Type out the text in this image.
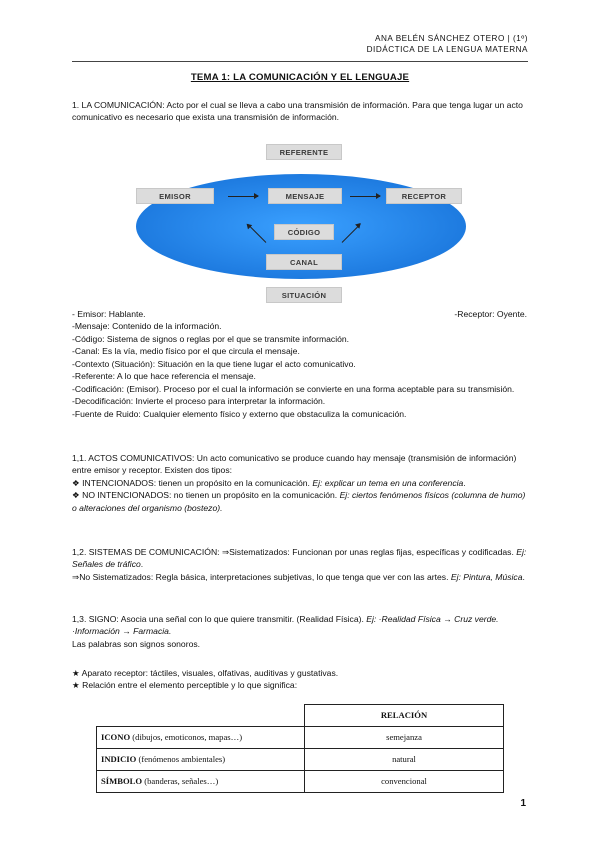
ANA BELÉN SÁNCHEZ OTERO | (1º)
DIDÁCTICA DE LA LENGUA MATERNA
TEMA 1: LA COMUNICACIÓN Y EL LENGUAJE

1. LA COMUNICACIÓN: Acto por el cual se lleva a cabo una transmisión de información. Para que tenga lugar un acto comunicativo es necesario que exista una transmisión de información.

REFERENTE
EMISOR	MENSAJE	RECEPTOR
CÓDIGO
CANAL
SITUACIÓN

- Emisor: Hablante.	-Receptor: Oyente.

-Mensaje: Contenido de la información.

-Código: Sistema de signos o reglas por el que se transmite información.

-Canal: Es la vía, medio físico por el que circula el mensaje.

-Contexto (Situación): Situación en la que tiene lugar el acto comunicativo.

-Referente: A lo que hace referencia el mensaje.

-Codificación: (Emisor). Proceso por el cual la información se convierte en una forma aceptable para su transmisión.

-Decodificación: Invierte el proceso para interpretar la información.

-Fuente de Ruido: Cualquier elemento físico y externo que obstaculiza la comunicación.

1,1. ACTOS COMUNICATIVOS: Un acto comunicativo se produce cuando hay mensaje (transmisión de información) entre emisor y receptor. Existen dos tipos:

❖ INTENCIONADOS: tienen un propósito en la comunicación. Ej: explicar un tema en una conferencia.

❖ NO INTENCIONADOS: no tienen un propósito en la comunicación. Ej: ciertos fenómenos físicos (columna de humo) o alteraciones del organismo (bostezo).

1,2. SISTEMAS DE COMUNICACIÓN: ⇒Sistematizados: Funcionan por unas reglas fijas, específicas y codificadas. Ej: Señales de tráfico.

⇒No Sistematizados: Regla básica, interpretaciones subjetivas, lo que tenga que ver con las artes. Ej: Pintura, Música.

1,3. SIGNO: Asocia una señal con lo que quiere transmitir. (Realidad Física). Ej: ·Realidad Física → Cruz verde. ·Información → Farmacia.

Las palabras son signos sonoros.

★ Aparato receptor: táctiles, visuales, olfativas, auditivas y gustativas.

★ Relación entre el elemento perceptible y lo que significa:

	RELACIÓN
ICONO (dibujos, emoticonos, mapas…)	semejanza
INDICIO (fenómenos ambientales)	natural
SÍMBOLO (banderas, señales…)	convencional
1
